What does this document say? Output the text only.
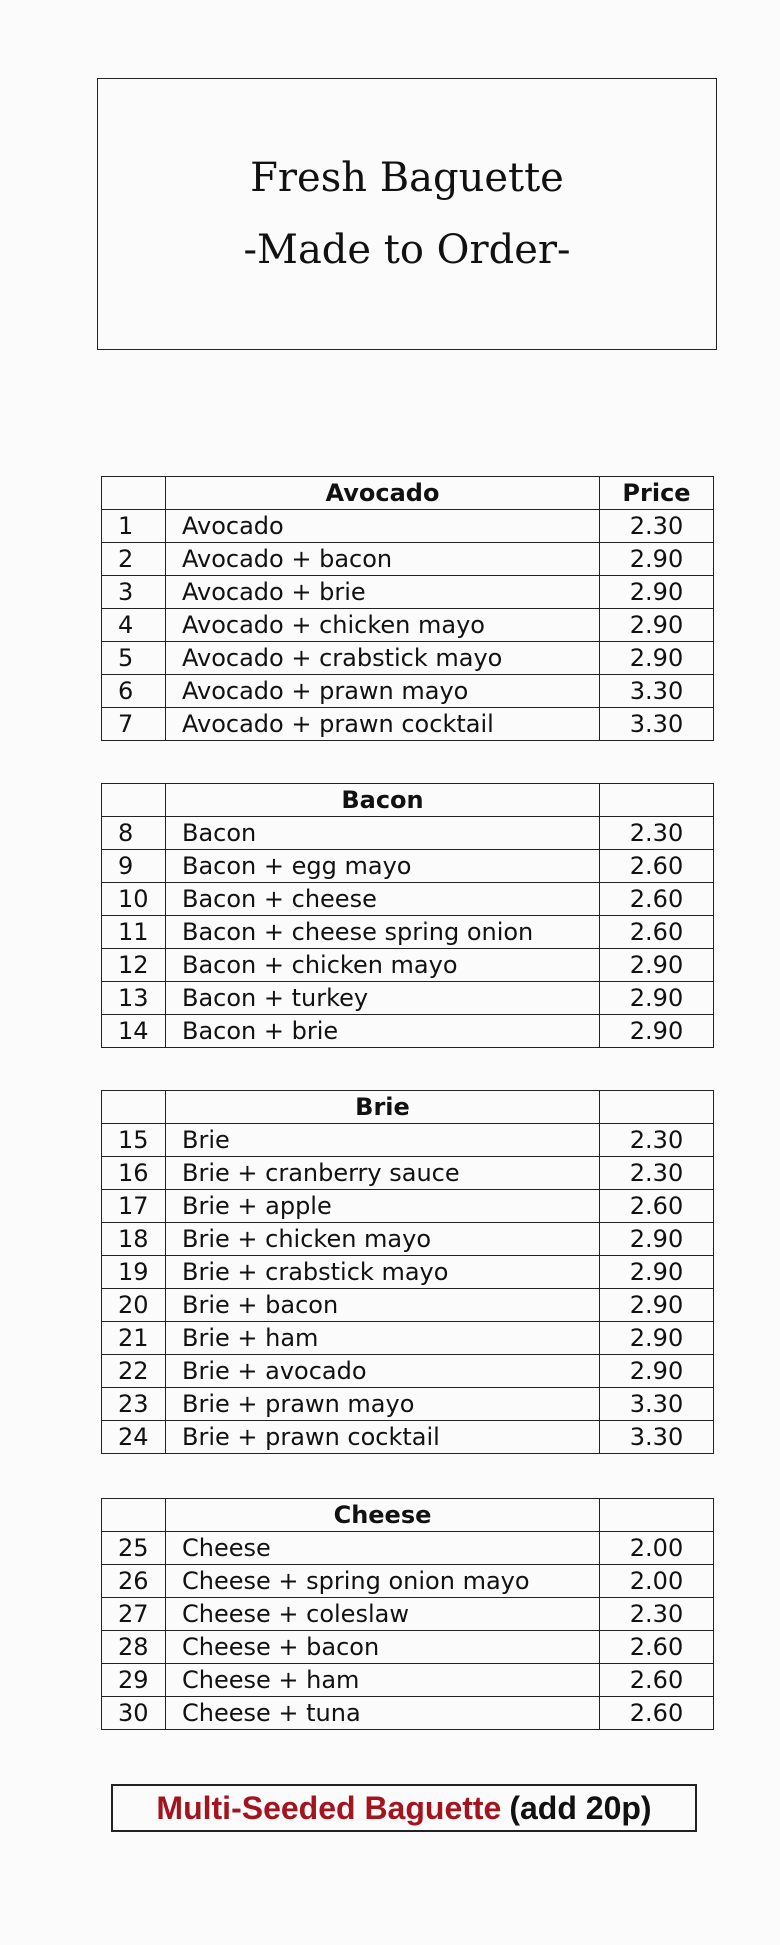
Fresh Baguette
-Made to Order-
	Avocado	Price
1	Avocado	2.30
2	Avocado + bacon	2.90
3	Avocado + brie	2.90
4	Avocado + chicken mayo	2.90
5	Avocado + crabstick mayo	2.90
6	Avocado + prawn mayo	3.30
7	Avocado + prawn cocktail	3.30
	Bacon	
8	Bacon	2.30
9	Bacon + egg mayo	2.60
10	Bacon + cheese	2.60
11	Bacon + cheese spring onion	2.60
12	Bacon + chicken mayo	2.90
13	Bacon + turkey	2.90
14	Bacon + brie	2.90
	Brie	
15	Brie	2.30
16	Brie + cranberry sauce	2.30
17	Brie + apple	2.60
18	Brie + chicken mayo	2.90
19	Brie + crabstick mayo	2.90
20	Brie + bacon	2.90
21	Brie + ham	2.90
22	Brie + avocado	2.90
23	Brie + prawn mayo	3.30
24	Brie + prawn cocktail	3.30
	Cheese	
25	Cheese	2.00
26	Cheese + spring onion mayo	2.00
27	Cheese + coleslaw	2.30
28	Cheese + bacon	2.60
29	Cheese + ham	2.60
30	Cheese + tuna	2.60
Multi-Seeded Baguette (add 20p)
